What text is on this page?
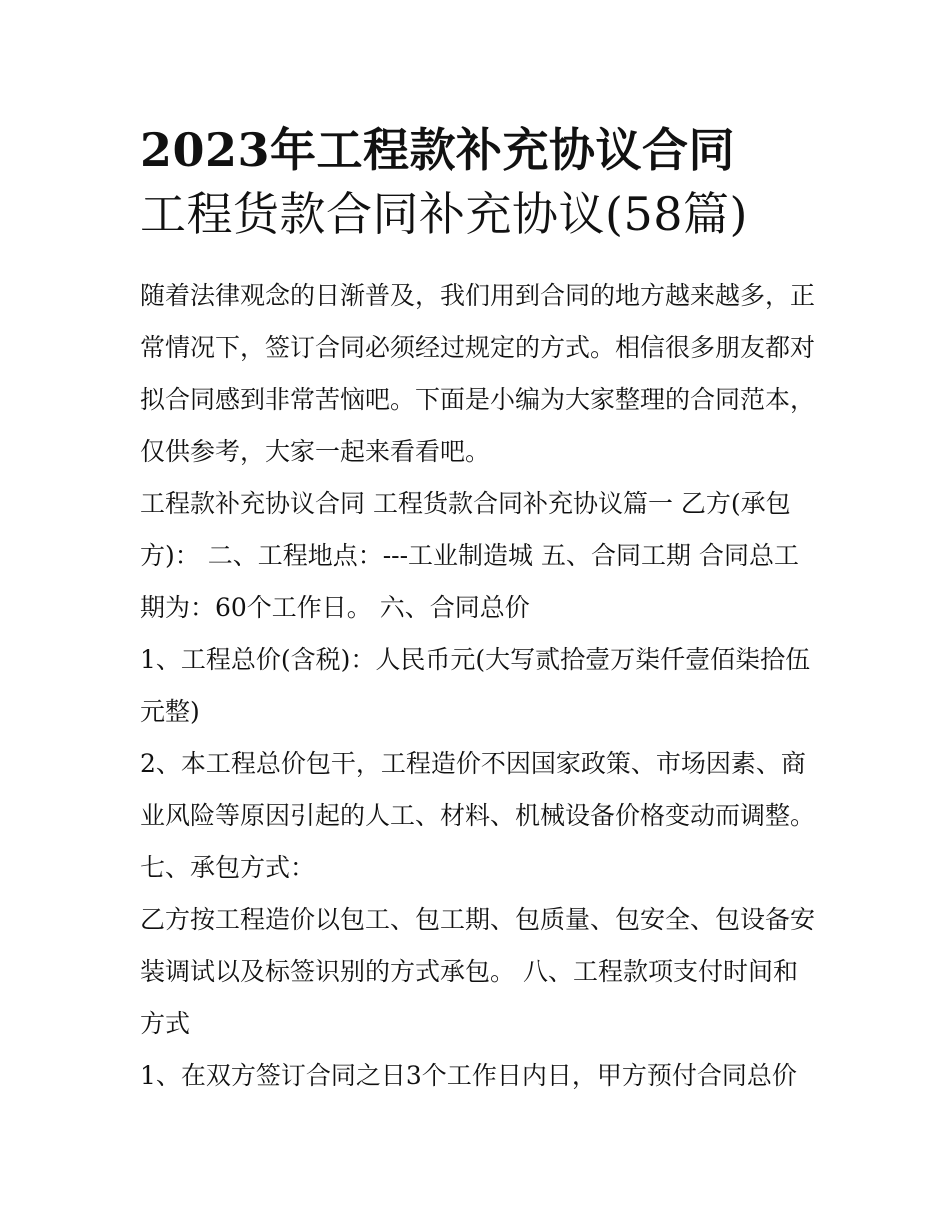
2023年工程款补充协议合同
工程货款合同补充协议(58篇)

随着法律观念的日渐普及，我们用到合同的地方越来越多，正
常情况下，签订合同必须经过规定的方式。相信很多朋友都对
拟合同感到非常苦恼吧。下面是小编为大家整理的合同范本，
仅供参考，大家一起来看看吧。

工程款补充协议合同 工程货款合同补充协议篇一 乙方(承包
方)： 二、工程地点：---工业制造城 五、合同工期 合同总工
期为：60个工作日。 六、合同总价

1、工程总价(含税)：人民币元(大写贰拾壹万柒仟壹佰柒拾伍
元整)

2、本工程总价包干，工程造价不因国家政策、市场因素、商
业风险等原因引起的人工、材料、机械设备价格变动而调整。

七、承包方式：

乙方按工程造价以包工、包工期、包质量、包安全、包设备安
装调试以及标签识别的方式承包。 八、工程款项支付时间和
方式

1、在双方签订合同之日3个工作日内日，甲方预付合同总价
